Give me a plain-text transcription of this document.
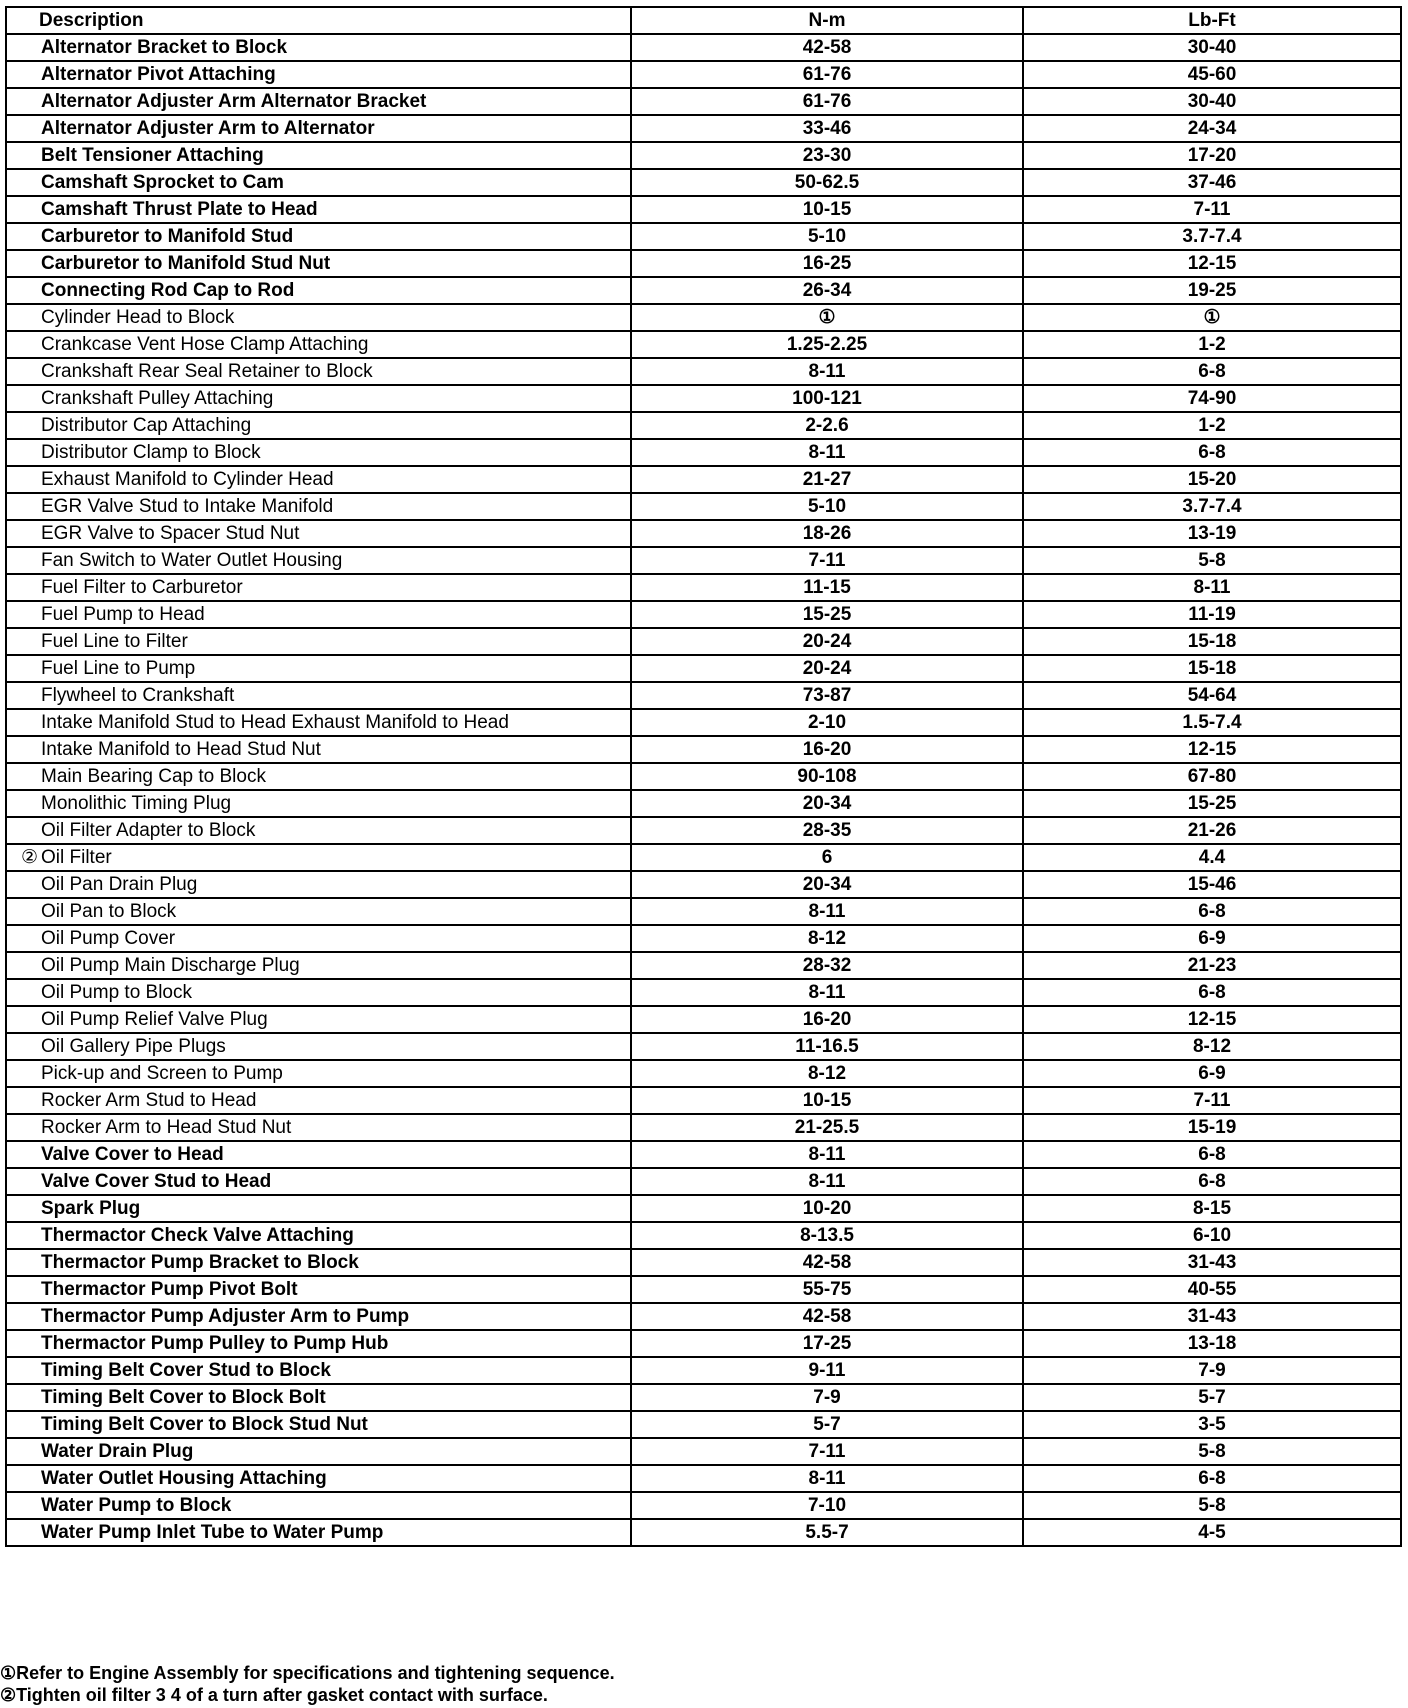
Description	N-m	Lb-Ft
Alternator Bracket to Block	42-58	30-40
Alternator Pivot Attaching	61-76	45-60
Alternator Adjuster Arm Alternator Bracket	61-76	30-40
Alternator Adjuster Arm to Alternator	33-46	24-34
Belt Tensioner Attaching	23-30	17-20
Camshaft Sprocket to Cam	50-62.5	37-46
Camshaft Thrust Plate to Head	10-15	7-11
Carburetor to Manifold Stud	5-10	3.7-7.4
Carburetor to Manifold Stud Nut	16-25	12-15
Connecting Rod Cap to Rod	26-34	19-25
Cylinder Head to Block	①	①
Crankcase Vent Hose Clamp Attaching	1.25-2.25	1-2
Crankshaft Rear Seal Retainer to Block	8-11	6-8
Crankshaft Pulley Attaching	100-121	74-90
Distributor Cap Attaching	2-2.6	1-2
Distributor Clamp to Block	8-11	6-8
Exhaust Manifold to Cylinder Head	21-27	15-20
EGR Valve Stud to Intake Manifold	5-10	3.7-7.4
EGR Valve to Spacer Stud Nut	18-26	13-19
Fan Switch to Water Outlet Housing	7-11	5-8
Fuel Filter to Carburetor	11-15	8-11
Fuel Pump to Head	15-25	11-19
Fuel Line to Filter	20-24	15-18
Fuel Line to Pump	20-24	15-18
Flywheel to Crankshaft	73-87	54-64
Intake Manifold Stud to Head Exhaust Manifold to Head	2-10	1.5-7.4
Intake Manifold to Head Stud Nut	16-20	12-15
Main Bearing Cap to Block	90-108	67-80
Monolithic Timing Plug	20-34	15-25
Oil Filter Adapter to Block	28-35	21-26

② Oil Filter	6	4.4
Oil Pan Drain Plug	20-34	15-46
Oil Pan to Block	8-11	6-8
Oil Pump Cover	8-12	6-9
Oil Pump Main Discharge Plug	28-32	21-23
Oil Pump to Block	8-11	6-8
Oil Pump Relief Valve Plug	16-20	12-15
Oil Gallery Pipe Plugs	11-16.5	8-12
Pick-up and Screen to Pump	8-12	6-9
Rocker Arm Stud to Head	10-15	7-11
Rocker Arm to Head Stud Nut	21-25.5	15-19
Valve Cover to Head	8-11	6-8
Valve Cover Stud to Head	8-11	6-8
Spark Plug	10-20	8-15
Thermactor Check Valve Attaching	8-13.5	6-10
Thermactor Pump Bracket to Block	42-58	31-43
Thermactor Pump Pivot Bolt	55-75	40-55
Thermactor Pump Adjuster Arm to Pump	42-58	31-43
Thermactor Pump Pulley to Pump Hub	17-25	13-18
Timing Belt Cover Stud to Block	9-11	7-9
Timing Belt Cover to Block Bolt	7-9	5-7
Timing Belt Cover to Block Stud Nut	5-7	3-5
Water Drain Plug	7-11	5-8
Water Outlet Housing Attaching	8-11	6-8
Water Pump to Block	7-10	5-8
Water Pump Inlet Tube to Water Pump	5.5-7	4-5
①Refer to Engine Assembly for specifications and tightening sequence.
②Tighten oil filter 3 4 of a turn after gasket contact with surface.
